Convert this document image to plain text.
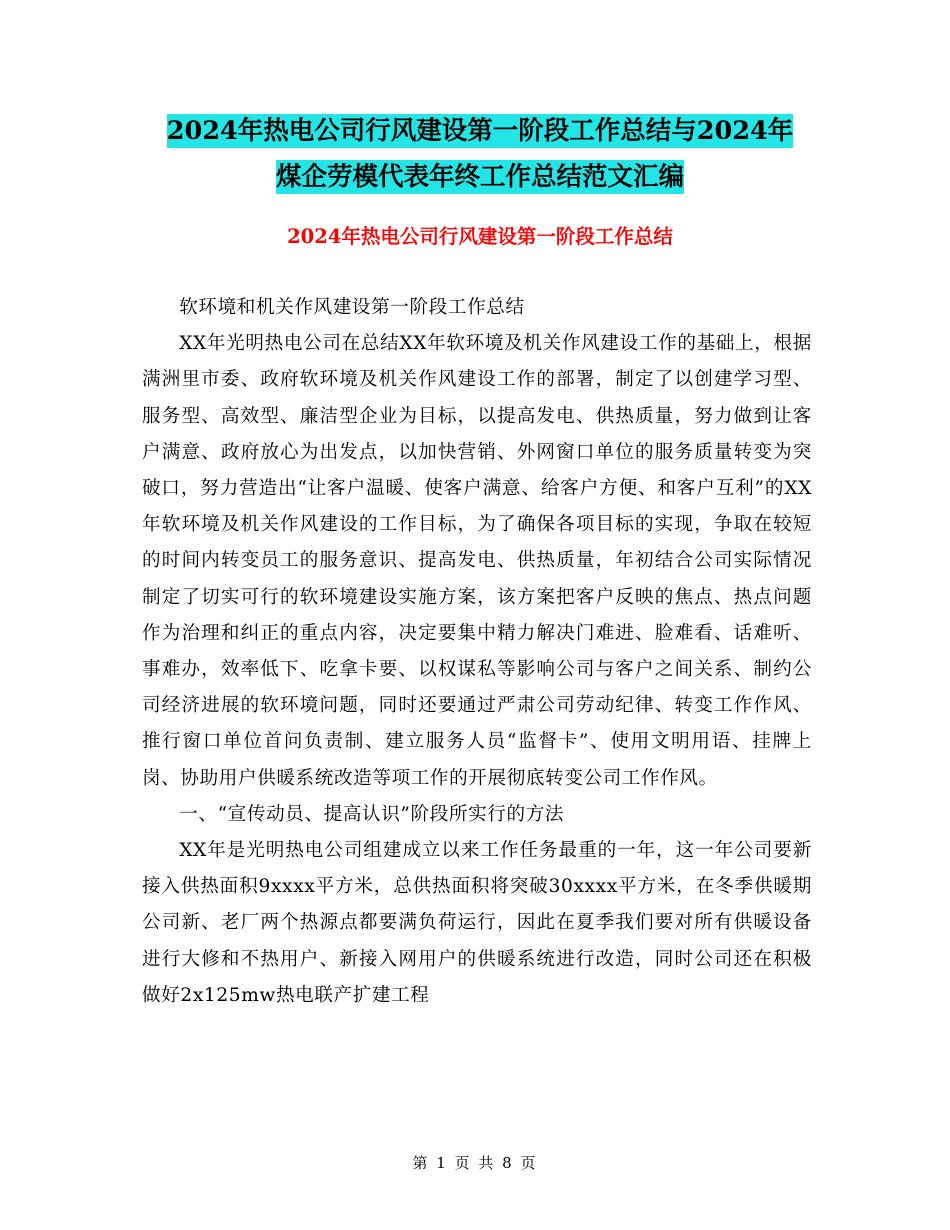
2024年热电公司行风建设第一阶段工作总结与2024年
煤企劳模代表年终工作总结范文汇编
2024年热电公司行风建设第一阶段工作总结

软环境和机关作风建设第一阶段工作总结

XX年光明热电公司在总结XX年软环境及机关作风建设工作的基础上，根据满洲里市委、政府软环境及机关作风建设工作的部署，制定了以创建学习型、服务型、高效型、廉洁型企业为目标，以提高发电、供热质量，努力做到让客户满意、政府放心为出发点，以加快营销、外网窗口单位的服务质量转变为突破口，努力营造出“让客户温暖、使客户满意、给客户方便、和客户互利”的XX年软环境及机关作风建设的工作目标，为了确保各项目标的实现，争取在较短的时间内转变员工的服务意识、提高发电、供热质量，年初结合公司实际情况制定了切实可行的软环境建设实施方案，该方案把客户反映的焦点、热点问题作为治理和纠正的重点内容，决定要集中精力解决门难进、脸难看、话难听、事难办，效率低下、吃拿卡要、以权谋私等影响公司与客户之间关系、制约公司经济进展的软环境问题，同时还要通过严肃公司劳动纪律、转变工作作风、推行窗口单位首问负责制、建立服务人员“监督卡”、使用文明用语、挂牌上岗、协助用户供暖系统改造等项工作的开展彻底转变公司工作作风。

一、“宣传动员、提高认识”阶段所实行的方法

XX年是光明热电公司组建成立以来工作任务最重的一年，这一年公司要新接入供热面积9xxxx平方米，总供热面积将突破30xxxx平方米，在冬季供暖期公司新、老厂两个热源点都要满负荷运行，因此在夏季我们要对所有供暖设备进行大修和不热用户、新接入网用户的供暖系统进行改造，同时公司还在积极做好2x125mw热电联产扩建工程

第 1 页 共 8 页
